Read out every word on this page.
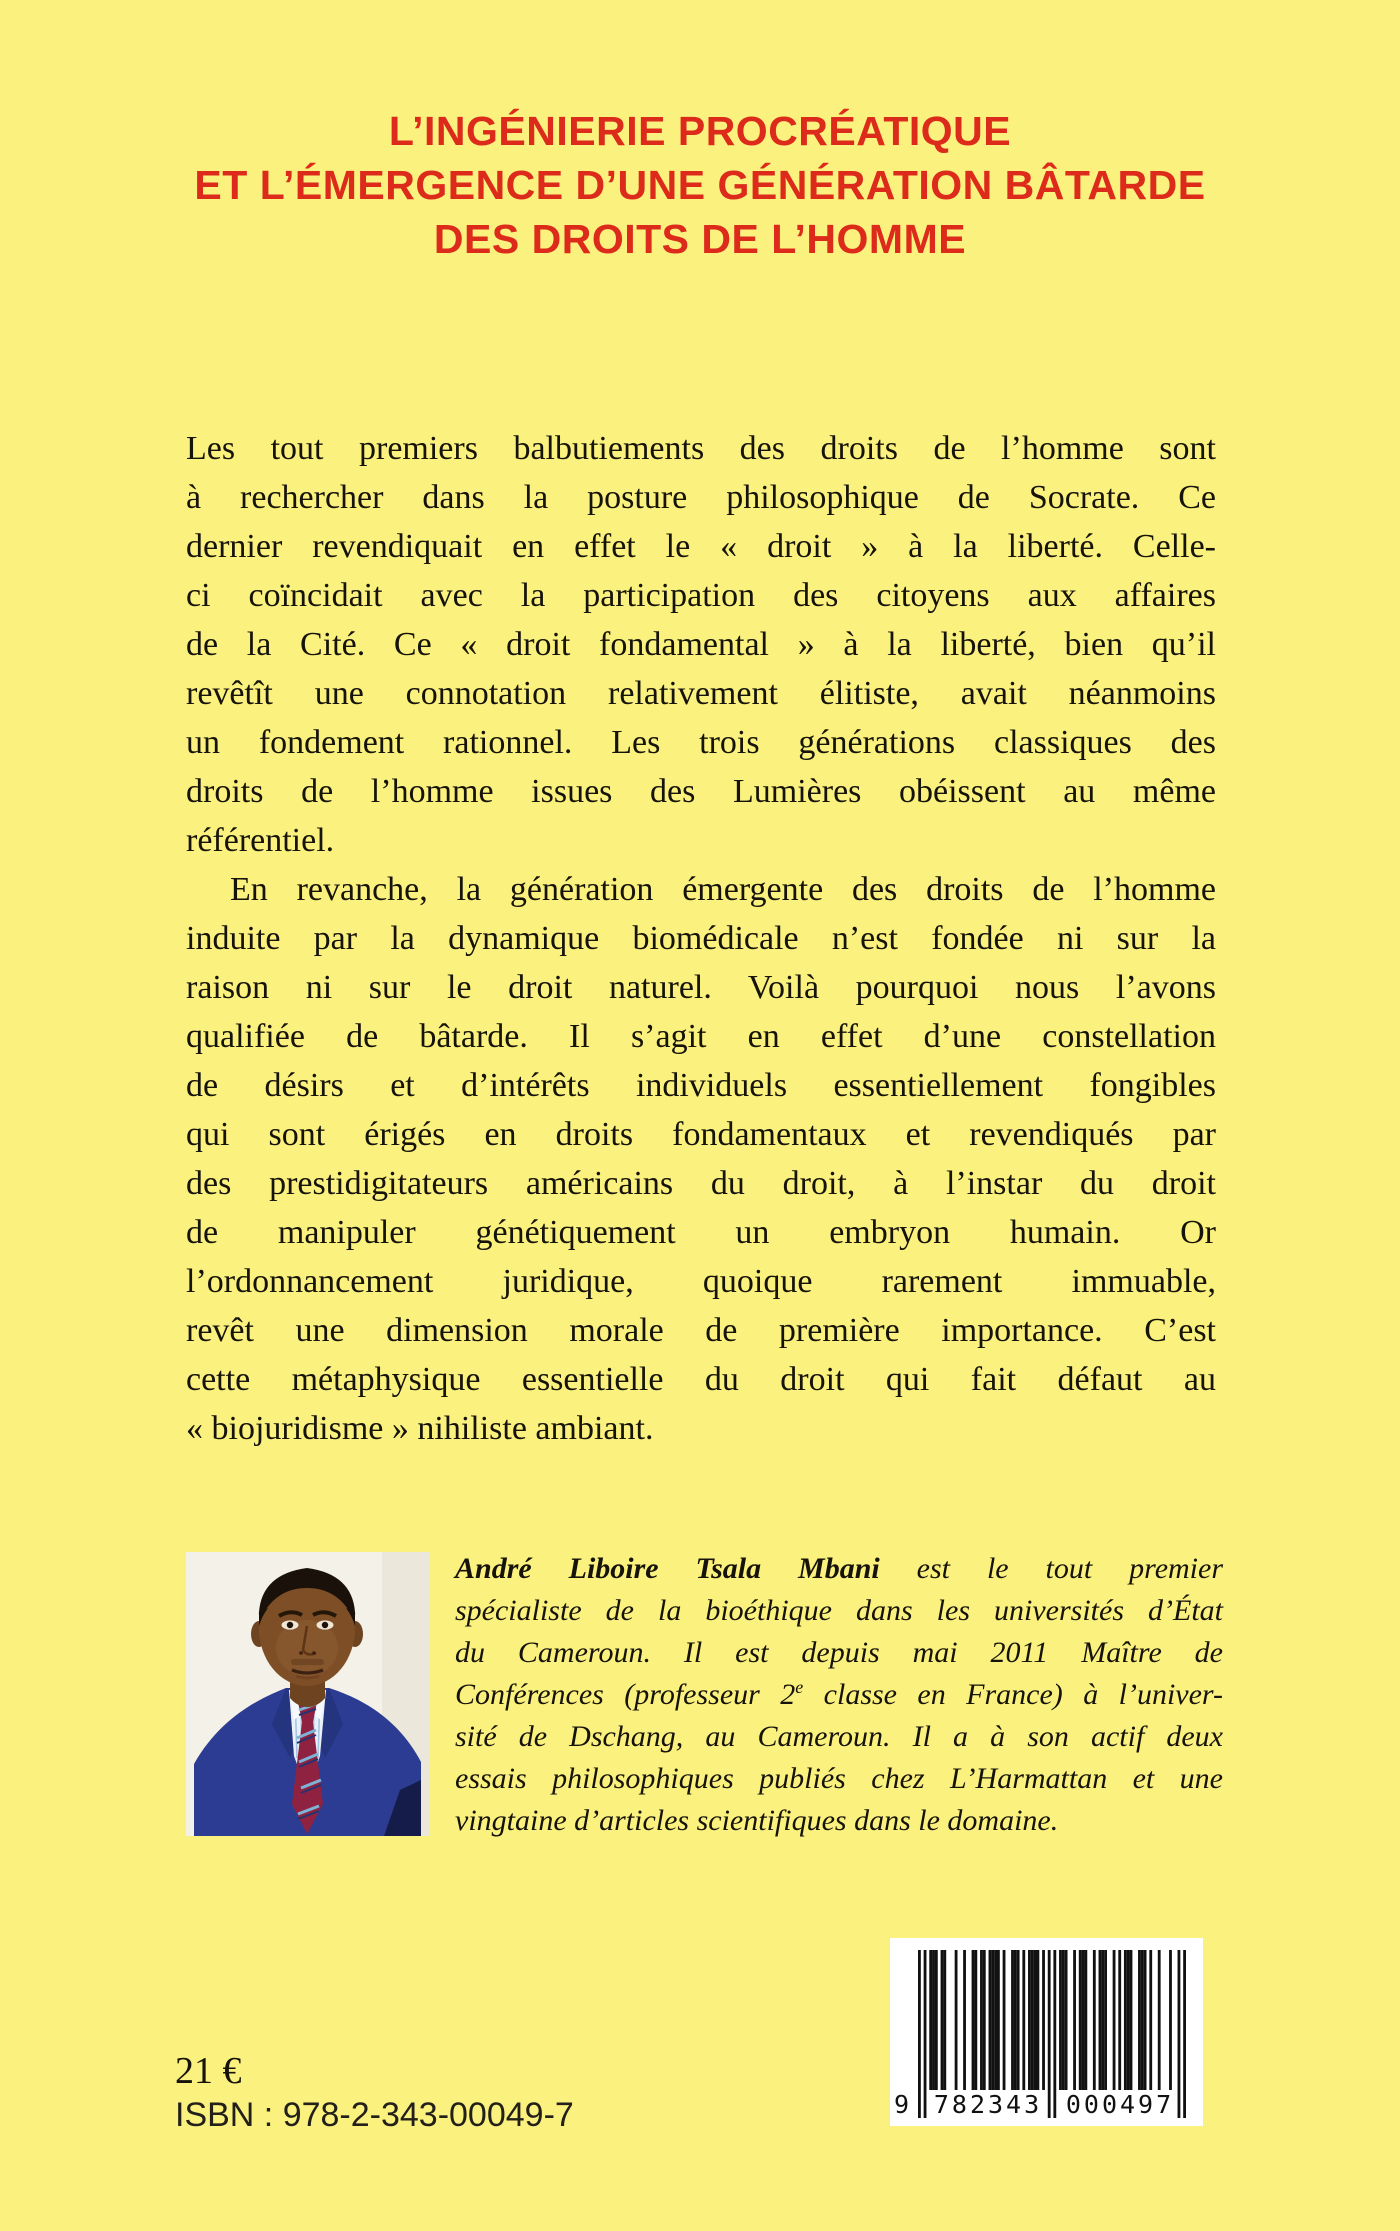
L’INGÉNIERIE PROCRÉATIQUE
ET L’ÉMERGENCE D’UNE GÉNÉRATION BÂTARDE
DES DROITS DE L’HOMME
Les tout premiers balbutiements des droits de l’homme sont
à rechercher dans la posture philosophique de Socrate. Ce
dernier revendiquait en effet le « droit » à la liberté. Celle-
ci coïncidait avec la participation des citoyens aux affaires
de la Cité. Ce « droit fondamental » à la liberté, bien qu’il
revêtît une connotation relativement élitiste, avait néanmoins
un fondement rationnel. Les trois générations classiques des
droits de l’homme issues des Lumières obéissent au même
référentiel.
En revanche, la génération émergente des droits de l’homme
induite par la dynamique biomédicale n’est fondée ni sur la
raison ni sur le droit naturel. Voilà pourquoi nous l’avons
qualifiée de bâtarde. Il s’agit en effet d’une constellation
de désirs et d’intérêts individuels essentiellement fongibles
qui sont érigés en droits fondamentaux et revendiqués par
des prestidigitateurs américains du droit, à l’instar du droit
de manipuler génétiquement un embryon humain. Or
l’ordonnancement juridique, quoique rarement immuable,
revêt une dimension morale de première importance. C’est
cette métaphysique essentielle du droit qui fait défaut au
« biojuridisme » nihiliste ambiant.
André Liboire Tsala Mbani est le tout premier
spécialiste de la bioéthique dans les universités d’État
du Cameroun. Il est depuis mai 2011 Maître de
Conférences (professeur 2e classe en France) à l’univer-
sité de Dschang, au Cameroun. Il a à son actif deux
essais philosophiques publiés chez L’Harmattan et une
vingtaine d’articles scientifiques dans le domaine.
21 €
ISBN : 978-2-343-00049-7	9 782343 000497
